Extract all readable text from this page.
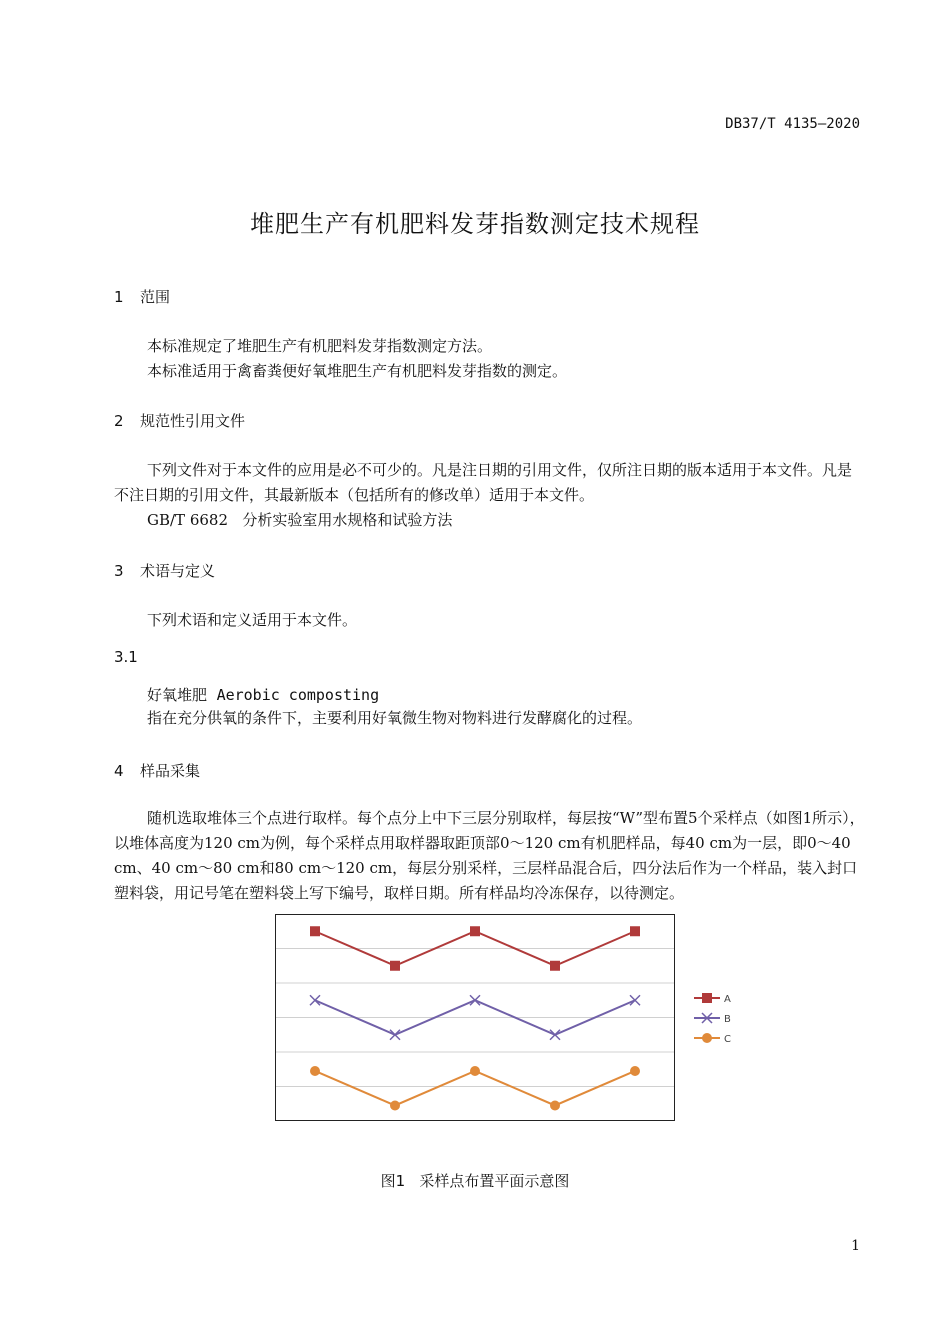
DB37/T 4135—2020
堆肥生产有机肥料发芽指数测定技术规程
1 范围
本标准规定了堆肥生产有机肥料发芽指数测定方法。
本标准适用于禽畜粪便好氧堆肥生产有机肥料发芽指数的测定。
2 规范性引用文件
下列文件对于本文件的应用是必不可少的。凡是注日期的引用文件，仅所注日期的版本适用于本文件。凡是不注日期的引用文件，其最新版本（包括所有的修改单）适用于本文件。
GB/T 6682 分析实验室用水规格和试验方法
3 术语与定义
下列术语和定义适用于本文件。
3.1
好氧堆肥 Aerobic composting
指在充分供氧的条件下，主要利用好氧微生物对物料进行发酵腐化的过程。
4 样品采集
随机选取堆体三个点进行取样。每个点分上中下三层分别取样，每层按“W”型布置5个采样点（如图1所示），以堆体高度为120 cm为例，每个采样点用取样器取距顶部0～120 cm有机肥样品，每40 cm为一层，即0～40 cm、40 cm～80 cm和80 cm～120 cm，每层分别采样，三层样品混合后，四分法后作为一个样品，装入封口塑料袋，用记号笔在塑料袋上写下编号，取样日期。所有样品均冷冻保存，以待测定。
A
B
C
图1 采样点布置平面示意图
1
